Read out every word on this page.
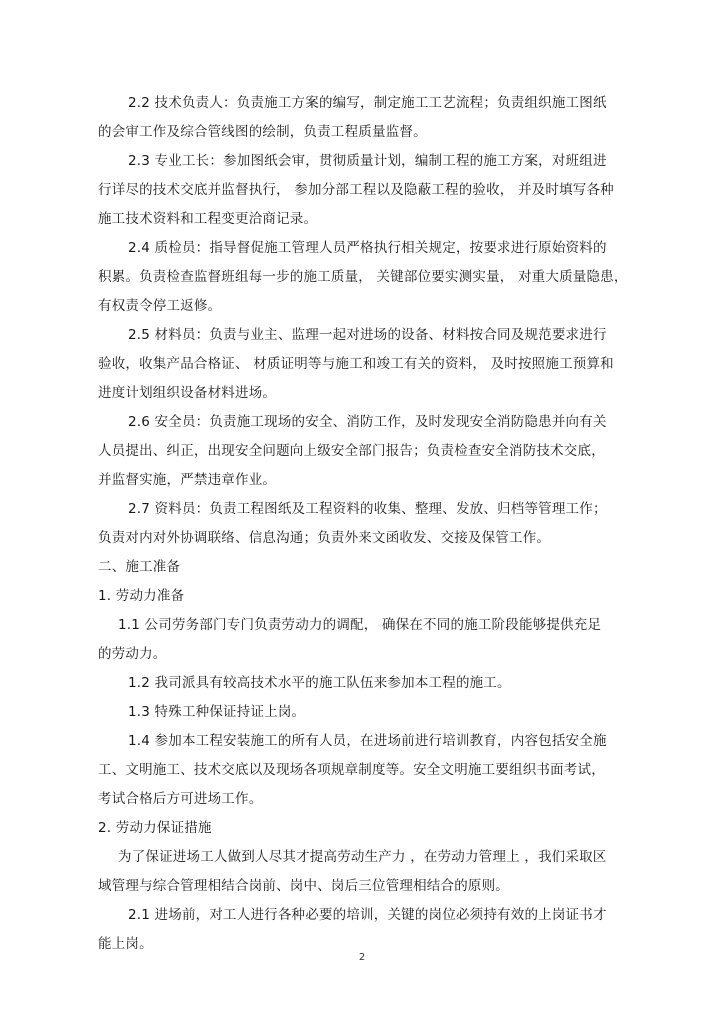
2.2 技术负责人：负责施工方案的编写，制定施工工艺流程；负责组织施工图纸
的会审工作及综合管线图的绘制，负责工程质量监督。
2.3 专业工长：参加图纸会审，贯彻质量计划，编制工程的施工方案，对班组进
行详尽的技术交底并监督执行， 参加分部工程以及隐蔽工程的验收， 并及时填写各种
施工技术资料和工程变更洽商记录。
2.4 质检员：指导督促施工管理人员严格执行相关规定，按要求进行原始资料的
积累。负责检查监督班组每一步的施工质量， 关键部位要实测实量， 对重大质量隐患，
有权责令停工返修。
2.5 材料员：负责与业主、监理一起对进场的设备、材料按合同及规范要求进行
验收，收集产品合格证、 材质证明等与施工和竣工有关的资料， 及时按照施工预算和
进度计划组织设备材料进场。
2.6 安全员：负责施工现场的安全、消防工作，及时发现安全消防隐患并向有关
人员提出、纠正，出现安全问题向上级安全部门报告；负责检查安全消防技术交底，
并监督实施，严禁违章作业。
2.7 资料员：负责工程图纸及工程资料的收集、整理、发放、归档等管理工作；
负责对内对外协调联络、信息沟通；负责外来文函收发、交接及保管工作。
二、施工准备
1. 劳动力准备
1.1 公司劳务部门专门负责劳动力的调配， 确保在不同的施工阶段能够提供充足
的劳动力。
1.2 我司派具有较高技术水平的施工队伍来参加本工程的施工。
1.3 特殊工种保证持证上岗。
1.4 参加本工程安装施工的所有人员，在进场前进行培训教育，内容包括安全施
工、文明施工、技术交底以及现场各项规章制度等。安全文明施工要组织书面考试，
考试合格后方可进场工作。
2. 劳动力保证措施
为了保证进场工人做到人尽其才提高劳动生产力 ，在劳动力管理上 ，我们采取区
域管理与综合管理相结合岗前、岗中、岗后三位管理相结合的原则。
2.1 进场前，对工人进行各种必要的培训，关键的岗位必须持有效的上岗证书才
能上岗。
2
